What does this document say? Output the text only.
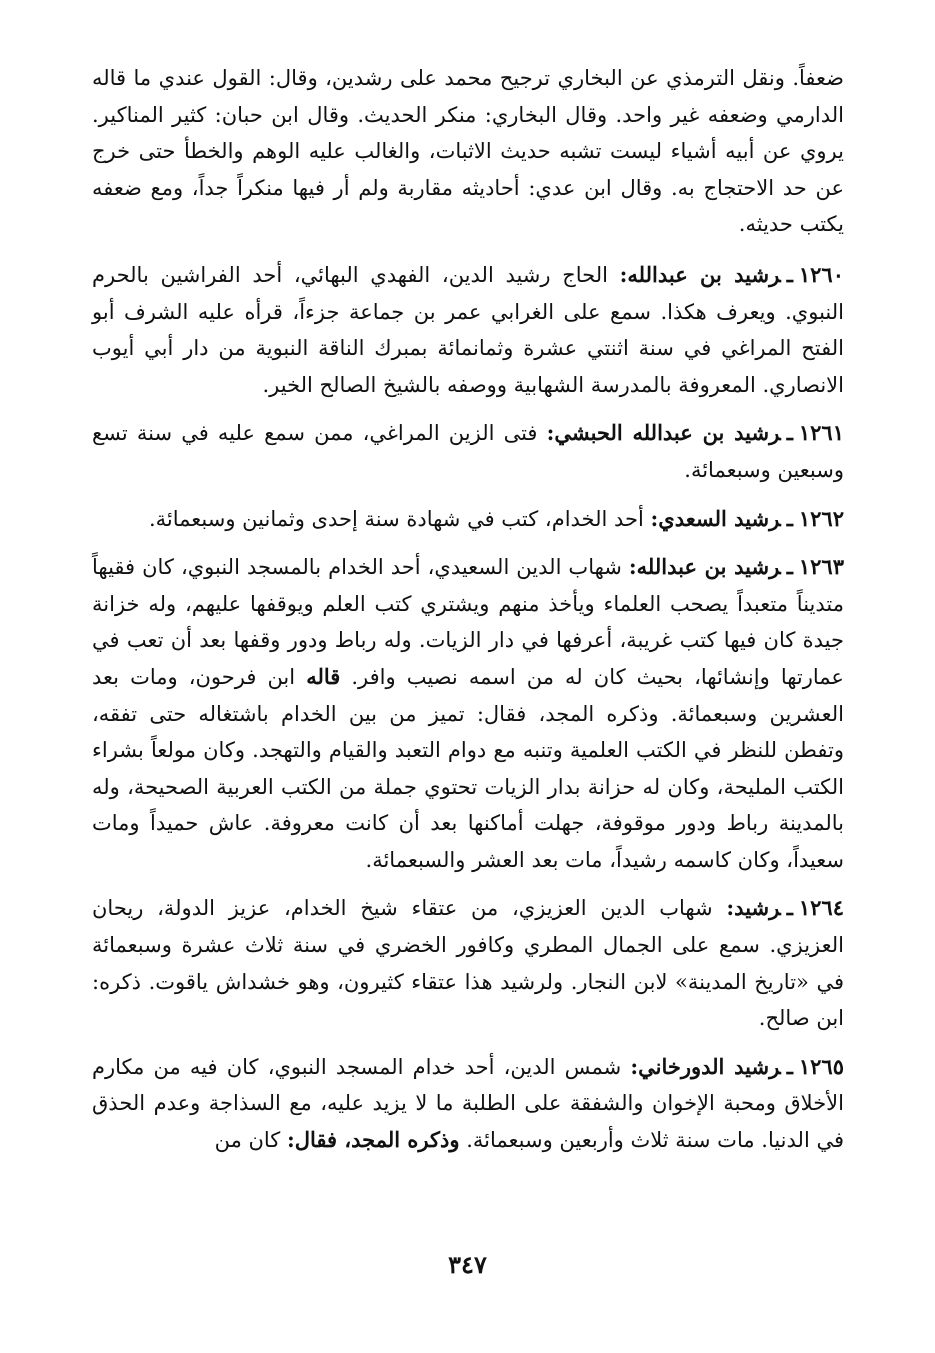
ضعفاً. ونقل الترمذي عن البخاري ترجيح محمد على رشدين، وقال: القول عندي ما قاله الدارمي وضعفه غير واحد. وقال البخاري: منكر الحديث. وقال ابن حبان: كثير المناكير. يروي عن أبيه أشياء ليست تشبه حديث الاثبات، والغالب عليه الوهم والخطأ حتى خرج عن حد الاحتجاج به. وقال ابن عدي: أحاديثه مقاربة ولم أر فيها منكراً جداً، ومع ضعفه يكتب حديثه.

١٢٦٠ـرشيد بن عبدالله: الحاج رشيد الدين، الفهدي البهائي، أحد الفراشين بالحرم النبوي. ويعرف هكذا. سمع على الغرابي عمر بن جماعة جزءاً، قرأه عليه الشرف أبو الفتح المراغي في سنة اثنتي عشرة وثمانمائة بمبرك الناقة النبوية من دار أبي أيوب الانصاري. المعروفة بالمدرسة الشهابية ووصفه بالشيخ الصالح الخير.

١٢٦١ـرشيد بن عبدالله الحبشي: فتى الزين المراغي، ممن سمع عليه في سنة تسع وسبعين وسبعمائة.

١٢٦٢ـرشيد السعدي: أحد الخدام، كتب في شهادة سنة إحدى وثمانين وسبعمائة.

١٢٦٣ـرشيد بن عبدالله: شهاب الدين السعيدي، أحد الخدام بالمسجد النبوي، كان فقيهاً متديناً متعبداً يصحب العلماء ويأخذ منهم ويشتري كتب العلم ويوقفها عليهم، وله خزانة جيدة كان فيها كتب غريبة، أعرفها في دار الزيات. وله رباط ودور وقفها بعد أن تعب في عمارتها وإنشائها، بحيث كان له من اسمه نصيب وافر. قاله ابن فرحون، ومات بعد العشرين وسبعمائة. وذكره المجد، فقال: تميز من بين الخدام باشتغاله حتى تفقه، وتفطن للنظر في الكتب العلمية وتنبه مع دوام التعبد والقيام والتهجد. وكان مولعاً بشراء الكتب المليحة، وكان له حزانة بدار الزيات تحتوي جملة من الكتب العربية الصحيحة، وله بالمدينة رباط ودور موقوفة، جهلت أماكنها بعد أن كانت معروفة. عاش حميداً ومات سعيداً، وكان كاسمه رشيداً، مات بعد العشر والسبعمائة.

١٢٦٤ـرشيد: شهاب الدين العزيزي، من عتقاء شيخ الخدام، عزيز الدولة، ريحان العزيزي. سمع على الجمال المطري وكافور الخضري في سنة ثلاث عشرة وسبعمائة في «تاريخ المدينة» لابن النجار. ولرشيد هذا عتقاء كثيرون، وهو خشداش ياقوت. ذكره: ابن صالح.

١٢٦٥ـرشيد الدورخاني: شمس الدين، أحد خدام المسجد النبوي، كان فيه من مكارم الأخلاق ومحبة الإخوان والشفقة على الطلبة ما لا يزيد عليه، مع السذاجة وعدم الحذق في الدنيا. مات سنة ثلاث وأربعين وسبعمائة. وذكره المجد، فقال: كان من

٣٤٧
